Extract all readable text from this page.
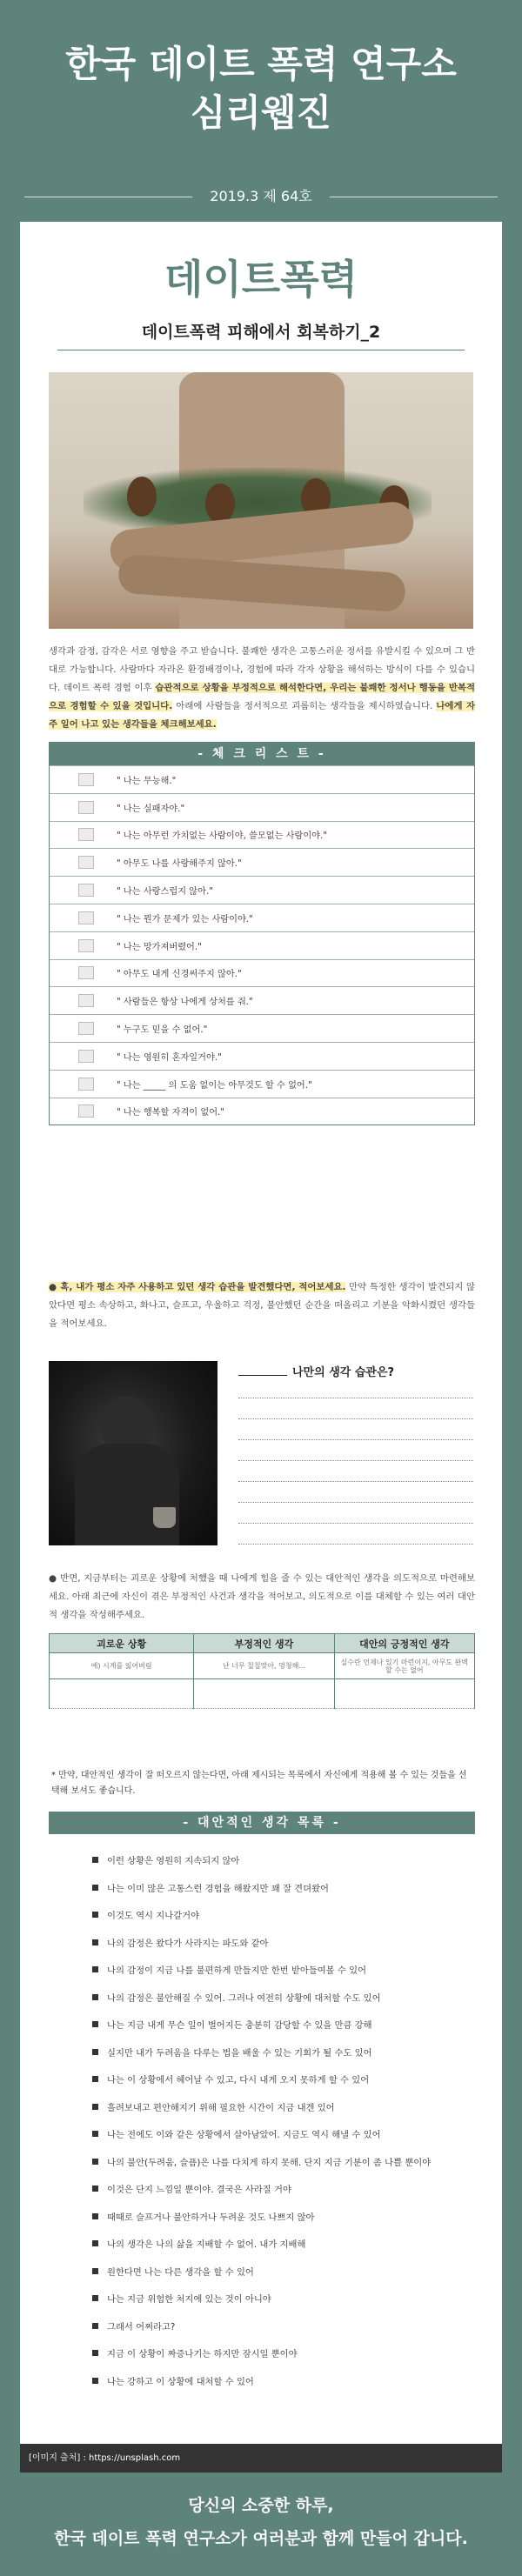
한국 데이트 폭력 연구소
심리웹진
2019.3 제 64호
데이트폭력
데이트폭력 피해에서 회복하기_2
생각과 감정, 감각은 서로 영향을 주고 받습니다. 불쾌한 생각은 고통스러운 정서를 유발시킬 수 있으며 그 반대로 가능합니다. 사람마다 자라온 환경배경이나, 경험에 따라 각자 상황을 해석하는 방식이 다를 수 있습니다. 데이트 폭력 경험 이후 습관적으로 상황을 부정적으로 해석한다면, 우리는 불쾌한 정서나 행동을 반복적으로 경험할 수 있을 것입니다. 아래에 사람들을 정서적으로 괴롭히는 생각들을 제시하였습니다. 나에게 자주 일어 나고 있는 생각들을 체크해보세요.
- 체 크 리 스 트 -
" 나는 무능해."
" 나는 실패자야."
" 나는 아무런 가치없는 사람이야, 쓸모없는 사람이야."
" 아무도 나를 사랑해주지 않아."
" 나는 사랑스럽지 않아."
" 나는 뭔가 문제가 있는 사람이야."
" 나는 망가져버렸어."
" 아무도 내게 신경써주지 않아."
" 사람들은 항상 나에게 상처를 줘."
" 누구도 믿을 수 없어."
" 나는 영원히 혼자일거야."
" 나는 _____ 의 도움 없이는 아무것도 할 수 없어."
" 나는 행복할 자격이 없어."
● 혹, 내가 평소 자주 사용하고 있던 생각 습관을 발견했다면, 적어보세요. 만약 특정한 생각이 발견되지 않았다면 평소 속상하고, 화나고, 슬프고, 우울하고 걱정, 불안했던 순간을 떠올리고 기분을 악화시켰던 생각들을 적어보세요.
나만의 생각 습관은?
● 반면, 지금부터는 괴로운 상황에 처했을 때 나에게 힘을 줄 수 있는 대안적인 생각을 의도적으로 마련해보세요. 아래 최근에 자신이 겪은 부정적인 사건과 생각을 적어보고, 의도적으로 이를 대체할 수 있는 여러 대안적 생각을 작성해주세요.
괴로운 상황	부정적인 생각	대안의 긍정적인 생각
예) 시계를 잃어버림	난 너무 칠칠맞아, 멍청해...	실수란 언제나 있기 마련이지, 아무도 완벽할 수는 없어

* 만약, 대안적인 생각이 잘 떠오르지 않는다면, 아래 제시되는 목록에서 자신에게 적용해 볼 수 있는 것들을 선택해 보셔도 좋습니다.
- 대안적인 생각 목록 -
이런 상황은 영원히 지속되지 않아
나는 이미 많은 고통스런 경험을 해왔지만 꽤 잘 견뎌왔어
이것도 역시 지나갈거야
나의 감정은 왔다가 사라지는 파도와 같아
나의 감정이 지금 나를 불편하게 만들지만 한번 받아들여볼 수 있어
나의 감정은 불안해질 수 있어. 그러나 여전히 상황에 대처할 수도 있어
나는 지금 내게 무슨 일이 벌어지든 충분히 감당할 수 있을 만큼 강해
실지만 내가 두려움을 다루는 법을 배울 수 있는 기회가 될 수도 있어
나는 이 상황에서 헤어날 수 있고, 다시 내게 오지 못하게 할 수 있어
흘려보내고 편안해지기 위해 필요한 시간이 지금 내겐 있어
나는 전에도 이와 같은 상황에서 살아남았어. 지금도 역시 해낼 수 있어
나의 불안(두려움, 슬픔)은 나를 다치게 하지 못해. 단지 지금 기분이 좀 나쁠 뿐이야
이것은 단지 느낌일 뿐이야. 결국은 사라질 거야
때때로 슬프거나 불안하거나 두려운 것도 나쁘지 않아
나의 생각은 나의 삶을 지배할 수 없어. 내가 지배해
원한다면 나는 다른 생각을 할 수 있어
나는 지금 위험한 처지에 있는 것이 아니야
그래서 어쩌라고?
지금 이 상황이 짜증나기는 하지만 잠시일 뿐이야
나는 강하고 이 상황에 대처할 수 있어
[이미지 출처] : https://unsplash.com
당신의 소중한 하루,
한국 데이트 폭력 연구소가 여러분과 함께 만들어 갑니다.
